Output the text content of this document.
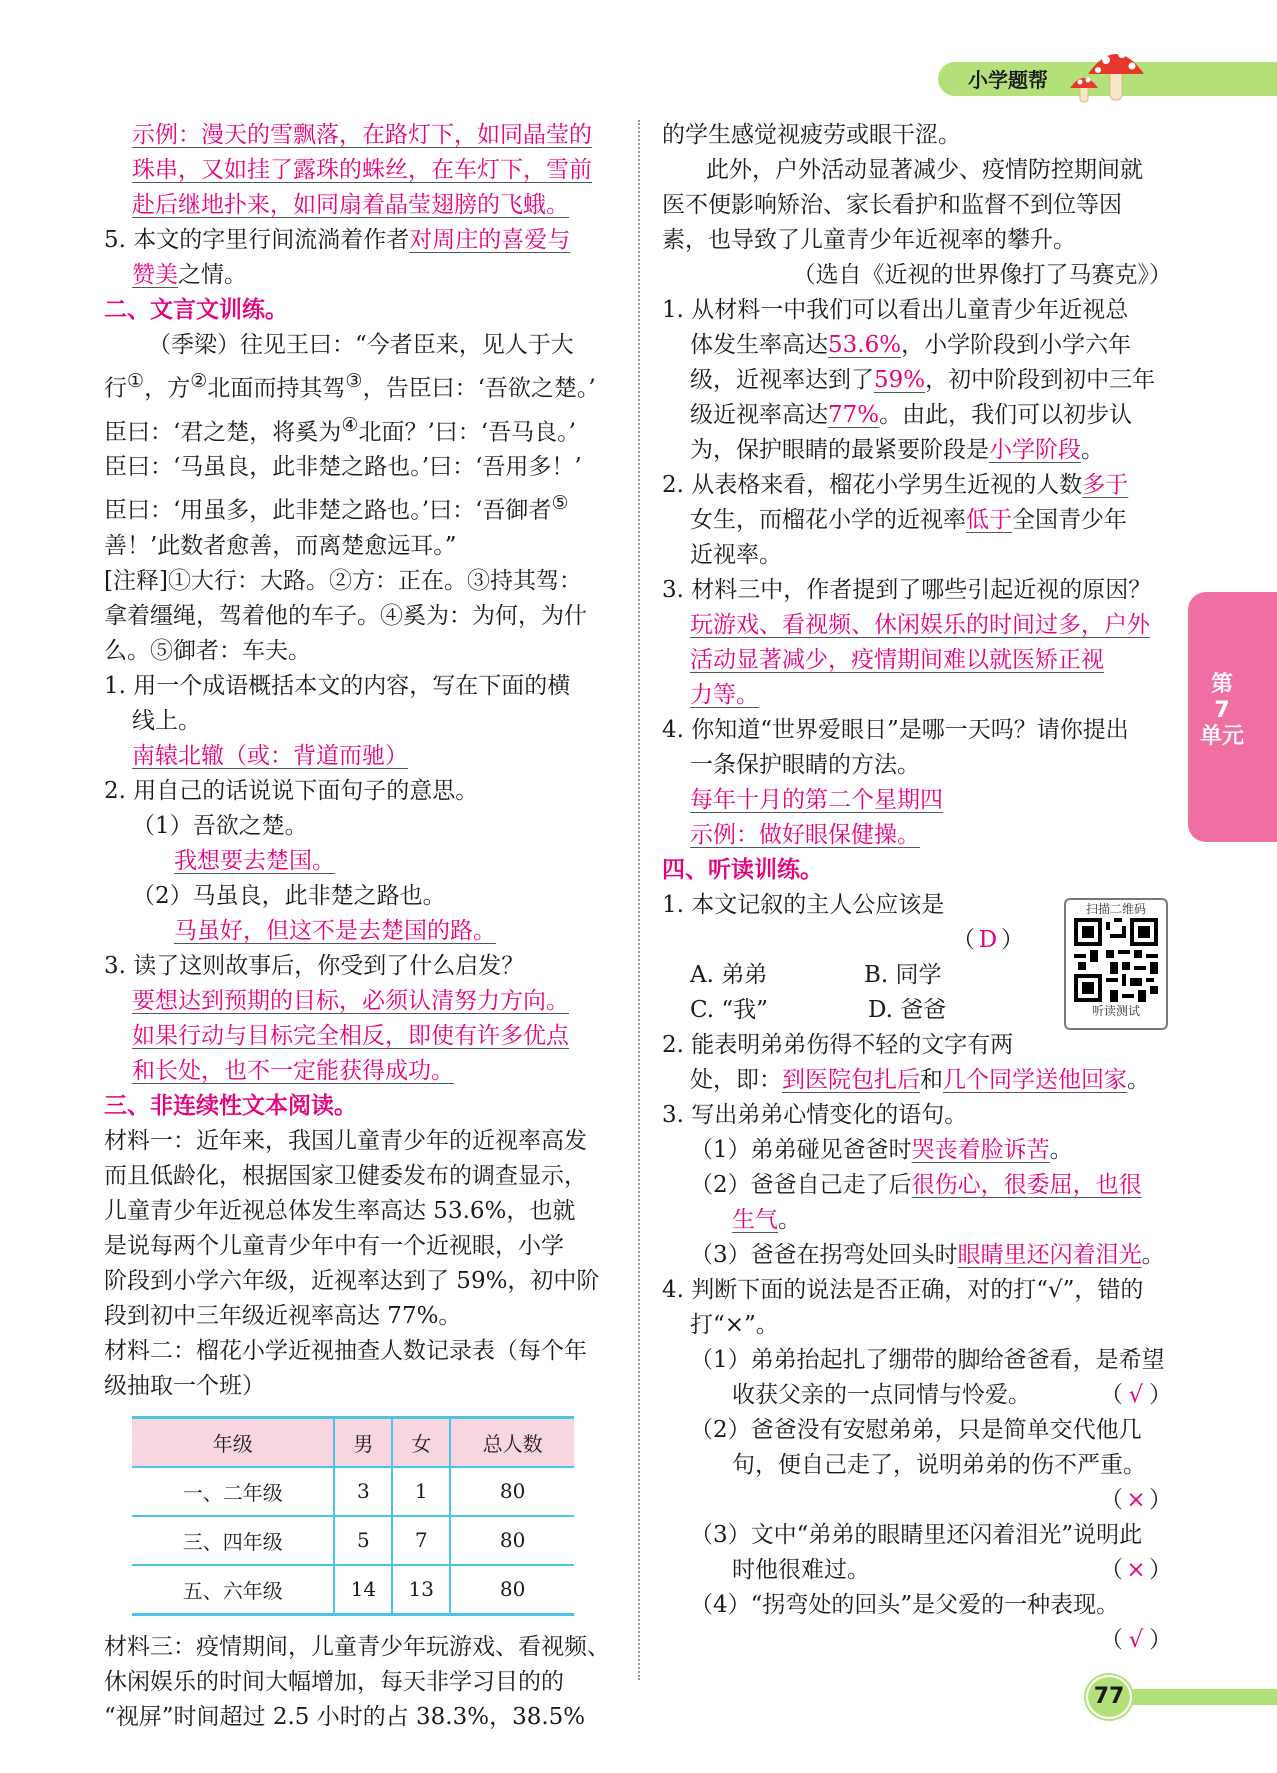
小学题帮
第
7
单元

示例：漫天的雪飘落，在路灯下，如同晶莹的

珠串，又如挂了露珠的蛛丝，在车灯下，雪前

赴后继地扑来，如同扇着晶莹翅膀的飞蛾。

5. 本文的字里行间流淌着作者对周庄的喜爱与

赞美之情。

二、文言文训练。

（季梁）往见王曰：“今者臣来，见人于大

行①，方②北面而持其驾③，告臣曰：‘吾欲之楚。’

臣曰：‘君之楚，将奚为④北面？’曰：‘吾马良。’

臣曰：‘马虽良，此非楚之路也。’曰：‘吾用多！’

臣曰：‘用虽多，此非楚之路也。’曰：‘吾御者⑤

善！’此数者愈善，而离楚愈远耳。”

[注释]①大行：大路。②方：正在。③持其驾：

拿着缰绳，驾着他的车子。④奚为：为何，为什

么。⑤御者：车夫。

1. 用一个成语概括本文的内容，写在下面的横

线上。

南辕北辙（或：背道而驰）

2. 用自己的话说说下面句子的意思。

（1）吾欲之楚。

我想要去楚国。

（2）马虽良，此非楚之路也。

马虽好，但这不是去楚国的路。

3. 读了这则故事后，你受到了什么启发？

要想达到预期的目标，必须认清努力方向。

如果行动与目标完全相反，即使有许多优点

和长处，也不一定能获得成功。

三、非连续性文本阅读。

材料一：近年来，我国儿童青少年的近视率高发

而且低龄化，根据国家卫健委发布的调查显示，

儿童青少年近视总体发生率高达 53.6%，也就

是说每两个儿童青少年中有一个近视眼，小学

阶段到小学六年级，近视率达到了 59%，初中阶

段到初中三年级近视率高达 77%。

材料二：榴花小学近视抽查人数记录表（每个年

级抽取一个班）

年级	男	女	总人数
一、二年级	3	1	80
三、四年级	5	7	80
五、六年级	14	13	80

材料三：疫情期间，儿童青少年玩游戏、看视频、

休闲娱乐的时间大幅增加，每天非学习目的的

“视屏”时间超过 2.5 小时的占 38.3%，38.5%

的学生感觉视疲劳或眼干涩。

此外，户外活动显著减少、疫情防控期间就

医不便影响矫治、家长看护和监督不到位等因

素，也导致了儿童青少年近视率的攀升。

（选自《近视的世界像打了马赛克》）

1. 从材料一中我们可以看出儿童青少年近视总

体发生率高达53.6%，小学阶段到小学六年

级，近视率达到了59%，初中阶段到初中三年

级近视率高达77%。由此，我们可以初步认

为，保护眼睛的最紧要阶段是小学阶段。

2. 从表格来看，榴花小学男生近视的人数多于

女生，而榴花小学的近视率低于全国青少年

近视率。

3. 材料三中，作者提到了哪些引起近视的原因？

玩游戏、看视频、休闲娱乐的时间过多，户外

活动显著减少，疫情期间难以就医矫正视

力等。

4. 你知道“世界爱眼日”是哪一天吗？请你提出

一条保护眼睛的方法。

每年十月的第二个星期四

示例：做好眼保健操。

四、听读训练。

1. 本文记叙的主人公应该是

（ D ）

A. 弟弟	B. 同学
C. “我”	D. 爸爸

2. 能表明弟弟伤得不轻的文字有两

处，即：到医院包扎后和几个同学送他回家。

3. 写出弟弟心情变化的语句。

（1）弟弟碰见爸爸时哭丧着脸诉苦。

（2）爸爸自己走了后很伤心，很委屈，也很

生气。

（3）爸爸在拐弯处回头时眼睛里还闪着泪光。

4. 判断下面的说法是否正确，对的打“√”，错的

打“×”。

（1）弟弟抬起扎了绷带的脚给爸爸看，是希望

收获父亲的一点同情与怜爱。	（ √ ）

（2）爸爸没有安慰弟弟，只是简单交代他几

句，便自己走了，说明弟弟的伤不严重。

（ × ）

（3）文中“弟弟的眼睛里还闪着泪光”说明此

时他很难过。	（ × ）

（4）“拐弯处的回头”是父爱的一种表现。

（ √ ）

扫描二维码
听读测试
77
